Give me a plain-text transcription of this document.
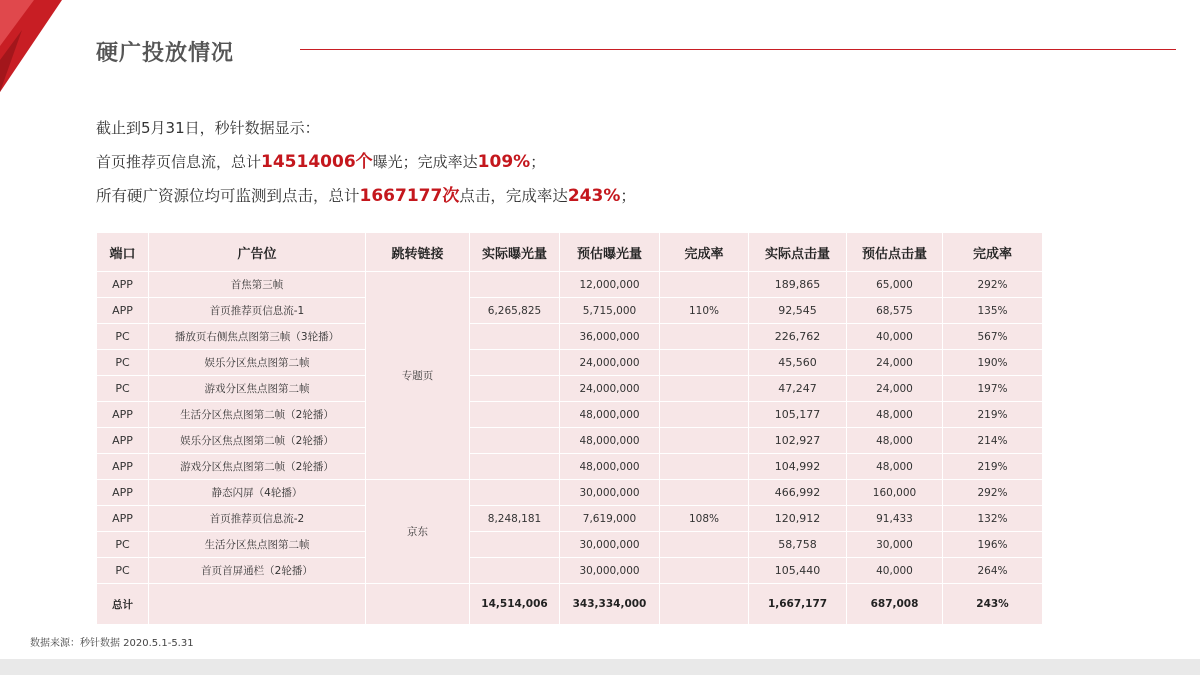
硬广投放情况
截止到5月31日，秒针数据显示：
首页推荐页信息流，总计14514006个曝光；完成率达109%；
所有硬广资源位均可监测到点击，总计1667177次点击，完成率达243%；
端口	广告位	跳转链接	实际曝光量	预估曝光量	完成率	实际点击量	预估点击量	完成率
APP	首焦第三帧	专题页		12,000,000		189,865	65,000	292%
APP	首页推荐页信息流-1		6,265,825	5,715,000	110%	92,545	68,575	135%
PC	播放页右侧焦点图第三帧（3轮播）			36,000,000		226,762	40,000	567%
PC	娱乐分区焦点图第二帧			24,000,000		45,560	24,000	190%
PC	游戏分区焦点图第二帧			24,000,000		47,247	24,000	197%
APP	生活分区焦点图第二帧（2轮播）			48,000,000		105,177	48,000	219%
APP	娱乐分区焦点图第二帧（2轮播）			48,000,000		102,927	48,000	214%
APP	游戏分区焦点图第二帧（2轮播）			48,000,000		104,992	48,000	219%
APP	静态闪屏（4轮播）	京东		30,000,000		466,992	160,000	292%
APP	首页推荐页信息流-2		8,248,181	7,619,000	108%	120,912	91,433	132%
PC	生活分区焦点图第二帧			30,000,000		58,758	30,000	196%
PC	首页首屏通栏（2轮播）			30,000,000		105,440	40,000	264%
总计			14,514,006	343,334,000		1,667,177	687,008	243%
数据来源：秒针数据 2020.5.1-5.31
